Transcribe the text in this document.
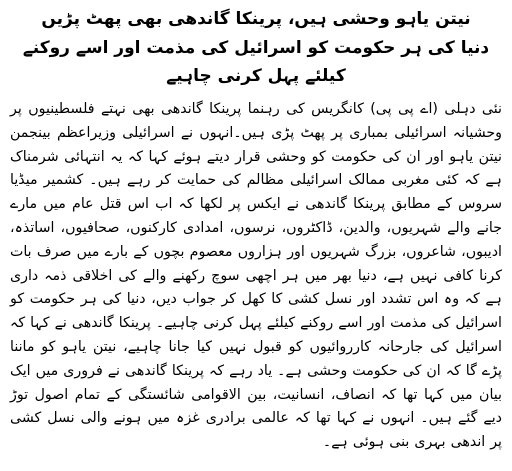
نیتن یاہو وحشی ہیں، پرینکا گاندھی بھی پھٹ پڑیں

دنیا کی ہر حکومت کو اسرائیل کی مذمت اور اسے روکنے کیلئے پہل کرنی چاہیے

نئی دہلی (اے پی پی) کانگریس کی رہنما پرینکا گاندھی بھی نہتے فلسطینیوں پر وحشیانہ اسرائیلی بمباری پر پھٹ پڑی ہیں۔انہوں نے اسرائیلی وزیراعظم بینجمن نیتن یاہو اور ان کی حکومت کو وحشی قرار دیتے ہوئے کہا کہ یہ انتہائی شرمناک ہے کہ کئی مغربی ممالک اسرائیلی مظالم کی حمایت کر رہے ہیں۔ کشمیر میڈیا سروس کے مطابق پرینکا گاندھی نے ایکس پر لکھا کہ اب اس قتل عام میں مارے جانے والے شہریوں، والدین، ڈاکٹروں، نرسوں، امدادی کارکنوں، صحافیوں، اساتذہ، ادیبوں، شاعروں، بزرگ شہریوں اور ہزاروں معصوم بچوں کے بارے میں صرف بات کرنا کافی نہیں ہے، دنیا بھر میں ہر اچھی سوچ رکھنے والے کی اخلاقی ذمہ داری ہے کہ وہ اس تشدد اور نسل کشی کا کھل کر جواب دیں، دنیا کی ہر حکومت کو اسرائیل کی مذمت اور اسے روکنے کیلئے پہل کرنی چاہیے۔ پرینکا گاندھی نے کہا کہ اسرائیل کی جارحانہ کارروائیوں کو قبول نہیں کیا جانا چاہیے، نیتن یاہو کو ماننا پڑے گا کہ ان کی حکومت وحشی ہے۔ یاد رہے کہ پرینکا گاندھی نے فروری میں ایک بیان میں کہا تھا کہ انصاف، انسانیت، بین الاقوامی شائستگی کے تمام اصول توڑ دیے گئے ہیں۔ انہوں نے کہا تھا کہ عالمی برادری غزہ میں ہونے والی نسل کشی پر اندھی بہری بنی ہوئی ہے۔
